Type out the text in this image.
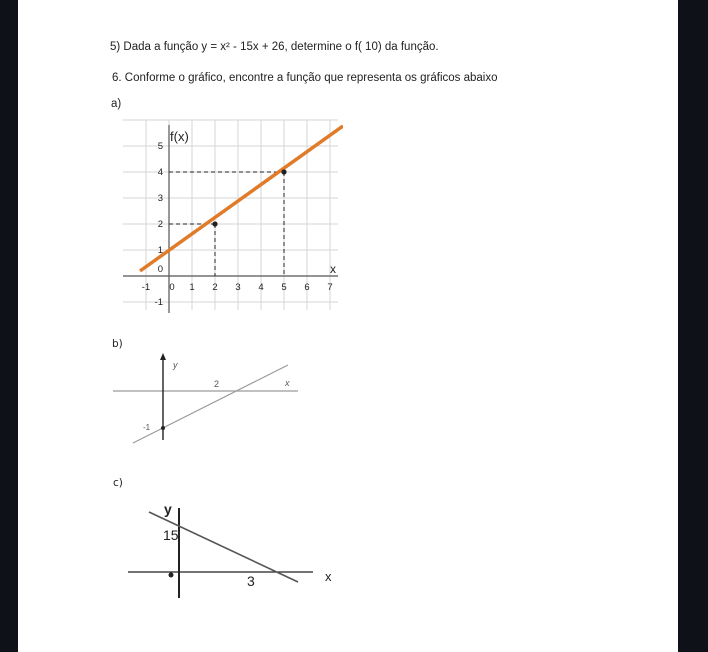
5) Dada a função y = x² - 15x + 26, determine o f( 10) da função.
6. Conforme o gráfico, encontre a função que representa os gráficos abaixo
a)
f(x)
x
-1 0 1 2 3 4 5 6 7
5
4
3
2
1
0
-1
b)
y
x
2
-1
c)
y
15
3	x
